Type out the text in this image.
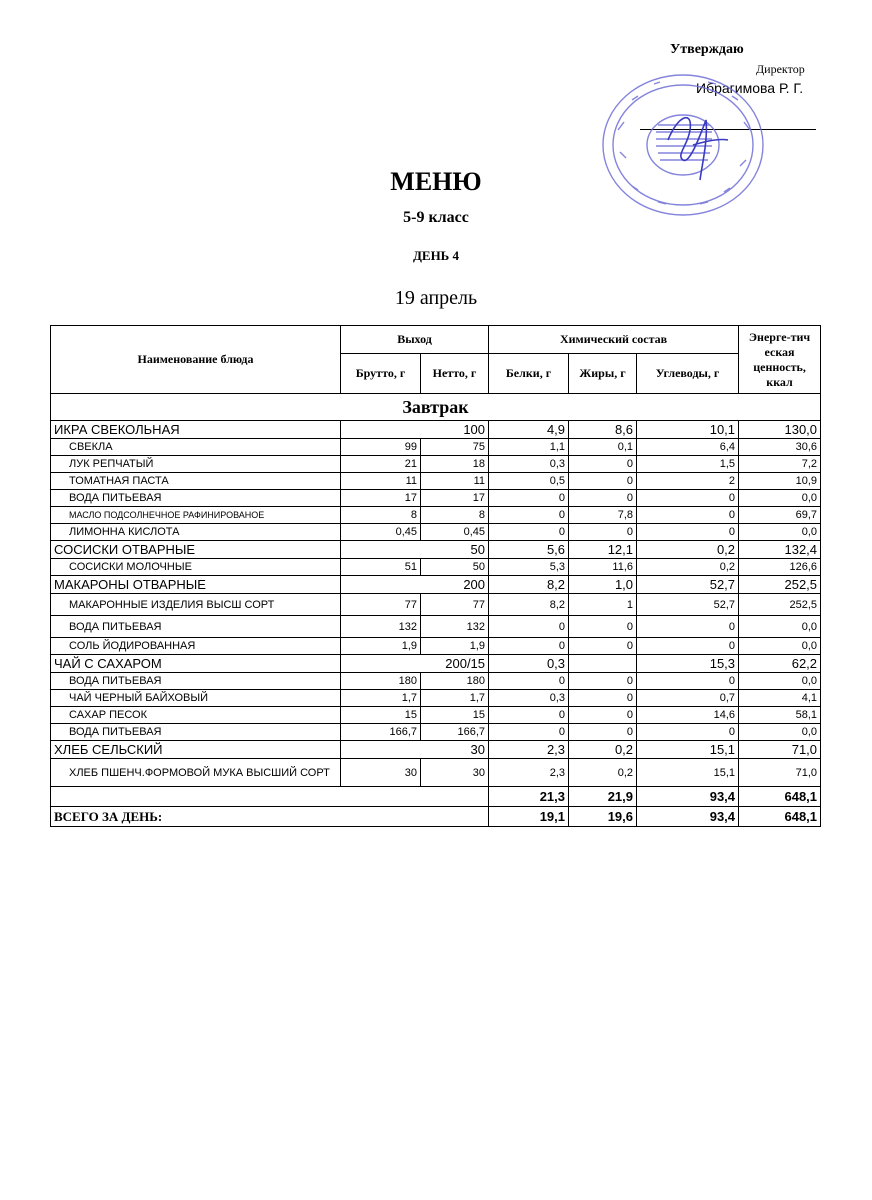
Утверждаю
Директор
Ибрагимова Р. Г.
МЕНЮ
5-9 класс
ДЕНЬ 4
19 апрель
Наименование блюда	Выход		Химический состав			Энерге-тич еская ценность, ккал
	Брутто, г	Нетто, г	Белки, г	Жиры, г	Углеводы, г	
Завтрак						
ИКРА СВЕКОЛЬНАЯ	100		4,9	8,6	10,1	130,0
СВЕКЛА	99	75	1,1	0,1	6,4	30,6
ЛУК РЕПЧАТЫЙ	21	18	0,3	0	1,5	7,2
ТОМАТНАЯ ПАСТА	11	11	0,5	0	2	10,9
ВОДА ПИТЬЕВАЯ	17	17	0	0	0	0,0
МАСЛО ПОДСОЛНЕЧНОЕ РАФИНИРОВАНОЕ	8	8	0	7,8	0	69,7
ЛИМОННА КИСЛОТА	0,45	0,45	0	0	0	0,0
СОСИСКИ ОТВАРНЫЕ	50		5,6	12,1	0,2	132,4
СОСИСКИ МОЛОЧНЫЕ	51	50	5,3	11,6	0,2	126,6
МАКАРОНЫ ОТВАРНЫЕ	200		8,2	1,0	52,7	252,5
МАКАРОННЫЕ ИЗДЕЛИЯ ВЫСШ СОРТ	77	77	8,2	1	52,7	252,5
ВОДА ПИТЬЕВАЯ	132	132	0	0	0	0,0
СОЛЬ ЙОДИРОВАННАЯ	1,9	1,9	0	0	0	0,0
ЧАЙ С САХАРОМ	200/15		0,3		15,3	62,2
ВОДА ПИТЬЕВАЯ	180	180	0	0	0	0,0
ЧАЙ ЧЕРНЫЙ БАЙХОВЫЙ	1,7	1,7	0,3	0	0,7	4,1
САХАР ПЕСОК	15	15	0	0	14,6	58,1
ВОДА ПИТЬЕВАЯ	166,7	166,7	0	0	0	0,0
ХЛЕБ СЕЛЬСКИЙ	30		2,3	0,2	15,1	71,0
ХЛЕБ ПШЕНЧ.ФОРМОВОЙ МУКА ВЫСШИЙ СОРТ	30	30	2,3	0,2	15,1	71,0
			21,3	21,9	93,4	648,1
ВСЕГО ЗА ДЕНЬ:			19,1	19,6	93,4	648,1
